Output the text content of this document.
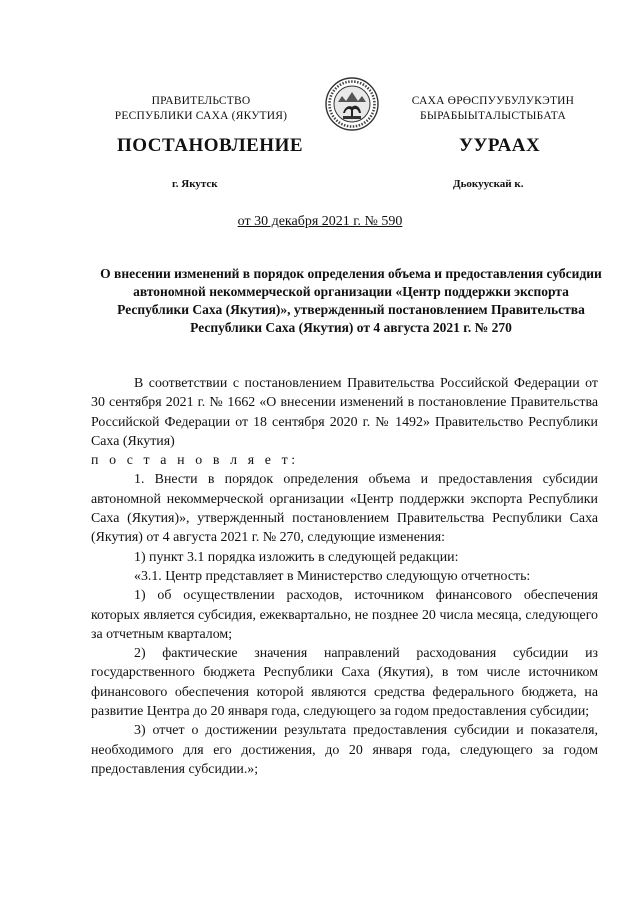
ПРАВИТЕЛЬСТВО
РЕСПУБЛИКИ САХА (ЯКУТИЯ)
САХА ӨРӨСПУУБУЛУКЭТИН
БЫРАБЫЫТАЛЫСТЫБАТА
ПОСТАНОВЛЕНИЕ	УУРААХ
г. Якутск	Дьокуускай к.
от 30 декабря 2021 г. № 590
О внесении изменений в порядок определения объема и предоставления субсидии автономной некоммерческой организации «Центр поддержки экспорта Республики Саха (Якутия)», утвержденный постановлением Правительства Республики Саха (Якутия) от 4 августа 2021 г. № 270

В соответствии с постановлением Правительства Российской Федерации от 30 сентября 2021 г. № 1662 «О внесении изменений в постановление Правительства Российской Федерации от 18 сентября 2020 г. № 1492» Правительство Республики Саха (Якутия)

п о с т а н о в л я е т:

1. Внести в порядок определения объема и предоставления субсидии автономной некоммерческой организации «Центр поддержки экспорта Республики Саха (Якутия)», утвержденный постановлением Правительства Республики Саха (Якутия) от 4 августа 2021 г. № 270, следующие изменения:

1) пункт 3.1 порядка изложить в следующей редакции:

«3.1. Центр представляет в Министерство следующую отчетность:

1) об осуществлении расходов, источником финансового обеспечения которых является субсидия, ежеквартально, не позднее 20 числа месяца, следующего за отчетным кварталом;

2) фактические значения направлений расходования субсидии из государственного бюджета Республики Саха (Якутия), в том числе источником финансового обеспечения которой являются средства федерального бюджета, на развитие Центра до 20 января года, следующего за годом предоставления субсидии;

3) отчет о достижении результата предоставления субсидии и показателя, необходимого для его достижения, до 20 января года, следующего за годом предоставления субсидии.»;
